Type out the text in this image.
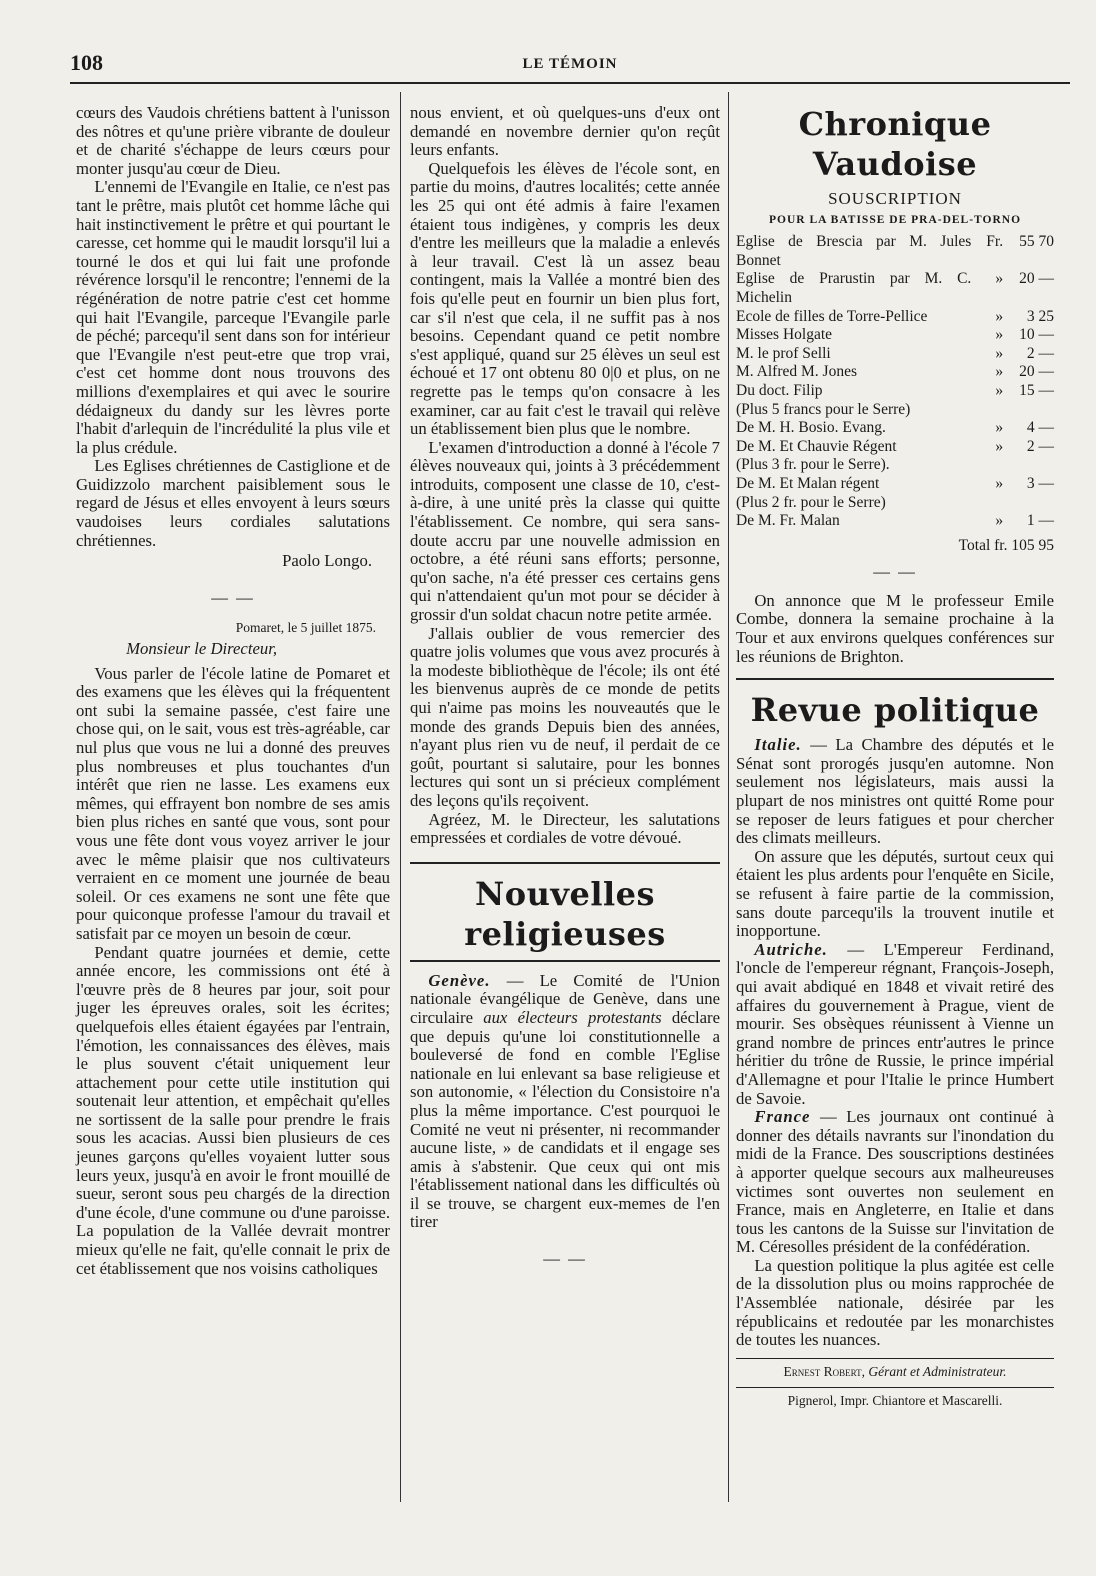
108	LE TÉMOIN

cœurs des Vaudois chrétiens battent à l'unisson des nôtres et qu'une prière vibrante de douleur et de charité s'échappe de leurs cœurs pour monter jusqu'au cœur de Dieu.

L'ennemi de l'Evangile en Italie, ce n'est pas tant le prêtre, mais plutôt cet homme lâche qui hait instinctivement le prêtre et qui pourtant le caresse, cet homme qui le maudit lorsqu'il lui a tourné le dos et qui lui fait une profonde révérence lorsqu'il le rencontre; l'ennemi de la régénération de notre patrie c'est cet homme qui hait l'Evangile, parceque l'Evangile parle de péché; parcequ'il sent dans son for intérieur que l'Evangile n'est peut-etre que trop vrai, c'est cet homme dont nous trouvons des millions d'exemplaires et qui avec le sourire dédaigneux du dandy sur les lèvres porte l'habit d'arlequin de l'incrédulité la plus vile et la plus crédule.

Les Eglises chrétiennes de Castiglione et de Guidizzolo marchent paisiblement sous le regard de Jésus et elles envoyent à leurs sœurs vaudoises leurs cordiales salutations chrétiennes.

Paolo Longo.
— —
Pomaret, le 5 juillet 1875.
Monsieur le Directeur,

Vous parler de l'école latine de Pomaret et des examens que les élèves qui la fréquentent ont subi la semaine passée, c'est faire une chose qui, on le sait, vous est très-agréable, car nul plus que vous ne lui a donné des preuves plus nombreuses et plus touchantes d'un intérêt que rien ne lasse. Les examens eux mêmes, qui effrayent bon nombre de ses amis bien plus riches en santé que vous, sont pour vous une fête dont vous voyez arriver le jour avec le même plaisir que nos cultivateurs verraient en ce moment une journée de beau soleil. Or ces examens ne sont une fête que pour quiconque professe l'amour du travail et satisfait par ce moyen un besoin de cœur.

Pendant quatre journées et demie, cette année encore, les commissions ont été à l'œuvre près de 8 heures par jour, soit pour juger les épreuves orales, soit les écrites; quelquefois elles étaient égayées par l'entrain, l'émotion, les connaissances des élèves, mais le plus souvent c'était uniquement leur attachement pour cette utile institution qui soutenait leur attention, et empêchait qu'elles ne sortissent de la salle pour prendre le frais sous les acacias. Aussi bien plusieurs de ces jeunes garçons qu'elles voyaient lutter sous leurs yeux, jusqu'à en avoir le front mouillé de sueur, seront sous peu chargés de la direction d'une école, d'une commune ou d'une paroisse. La population de la Vallée devrait montrer mieux qu'elle ne fait, qu'elle connait le prix de cet établissement que nos voisins catholiques

nous envient, et où quelques-uns d'eux ont demandé en novembre dernier qu'on reçût leurs enfants.

Quelquefois les élèves de l'école sont, en partie du moins, d'autres localités; cette année les 25 qui ont été admis à faire l'examen étaient tous indigènes, y compris les deux d'entre les meilleurs que la maladie a enlevés à leur travail. C'est là un assez beau contingent, mais la Vallée a montré bien des fois qu'elle peut en fournir un bien plus fort, car s'il n'est que cela, il ne suffit pas à nos besoins. Cependant quand ce petit nombre s'est appliqué, quand sur 25 élèves un seul est échoué et 17 ont obtenu 80 0|0 et plus, on ne regrette pas le temps qu'on consacre à les examiner, car au fait c'est le travail qui relève un établissement bien plus que le nombre.

L'examen d'introduction a donné à l'école 7 élèves nouveaux qui, joints à 3 précédemment introduits, composent une classe de 10, c'est-à-dire, à une unité près la classe qui quitte l'établissement. Ce nombre, qui sera sans-doute accru par une nouvelle admission en octobre, a été réuni sans efforts; personne, qu'on sache, n'a été presser ces certains gens qui n'attendaient qu'un mot pour se décider à grossir d'un soldat chacun notre petite armée.

J'allais oublier de vous remercier des quatre jolis volumes que vous avez procurés à la modeste bibliothèque de l'école; ils ont été les bienvenus auprès de ce monde de petits qui n'aime pas moins les nouveautés que le monde des grands Depuis bien des années, n'ayant plus rien vu de neuf, il perdait de ce goût, pourtant si salutaire, pour les bonnes lectures qui sont un si précieux complément des leçons qu'ils reçoivent.

Agréez, M. le Directeur, les salutations empressées et cordiales de votre dévoué.

Nouvelles religieuses

Genève. — Le Comité de l'Union nationale évangélique de Genève, dans une circulaire aux électeurs protestants déclare que depuis qu'une loi constitutionnelle a bouleversé de fond en comble l'Eglise nationale en lui enlevant sa base religieuse et son autonomie, « l'élection du Consistoire n'a plus la même importance. C'est pourquoi le Comité ne veut ni présenter, ni recommander aucune liste, » de candidats et il engage ses amis à s'abstenir. Que ceux qui ont mis l'établissement national dans les difficultés où il se trouve, se chargent eux-memes de l'en tirer

— —
Chronique Vaudoise
SOUSCRIPTION
POUR LA BATISSE DE PRA-DEL-TORNO
Eglise de Brescia par M. Jules Bonnet	Fr.	55 70
Eglise de Prarustin par M. C. Michelin	»	20 —
Ecole de filles de Torre-Pellice	»	3 25
Misses Holgate	»	10 —
M. le prof Selli	»	2 —
M. Alfred M. Jones	»	20 —
Du doct. Filip	»	15 —
(Plus 5 francs pour le Serre)		
De M. H. Bosio. Evang.	»	4 —
De M. Et Chauvie Régent	»	2 —
(Plus 3 fr. pour le Serre).		
De M. Et Malan régent	»	3 —
(Plus 2 fr. pour le Serre)		
De M. Fr. Malan	»	1 —
Total fr. 105 95
— —

On annonce que M le professeur Emile Combe, donnera la semaine prochaine à la Tour et aux environs quelques conférences sur les réunions de Brighton.

Revue politique

Italie. — La Chambre des députés et le Sénat sont prorogés jusqu'en automne. Non seulement nos législateurs, mais aussi la plupart de nos ministres ont quitté Rome pour se reposer de leurs fatigues et pour chercher des climats meilleurs.

On assure que les députés, surtout ceux qui étaient les plus ardents pour l'enquête en Sicile, se refusent à faire partie de la commission, sans doute parcequ'ils la trouvent inutile et inopportune.

Autriche. — L'Empereur Ferdinand, l'oncle de l'empereur régnant, François-Joseph, qui avait abdiqué en 1848 et vivait retiré des affaires du gouvernement à Prague, vient de mourir. Ses obsèques réunissent à Vienne un grand nombre de princes entr'autres le prince héritier du trône de Russie, le prince impérial d'Allemagne et pour l'Italie le prince Humbert de Savoie.

France — Les journaux ont continué à donner des détails navrants sur l'inondation du midi de la France. Des souscriptions destinées à apporter quelque secours aux malheureuses victimes sont ouvertes non seulement en France, mais en Angleterre, en Italie et dans tous les cantons de la Suisse sur l'invitation de M. Céresolles président de la confédération.

La question politique la plus agitée est celle de la dissolution plus ou moins rapprochée de l'Assemblée nationale, désirée par les républicains et redoutée par les monarchistes de toutes les nuances.

Ernest Robert, Gérant et Administrateur.
Pignerol, Impr. Chiantore et Mascarelli.
